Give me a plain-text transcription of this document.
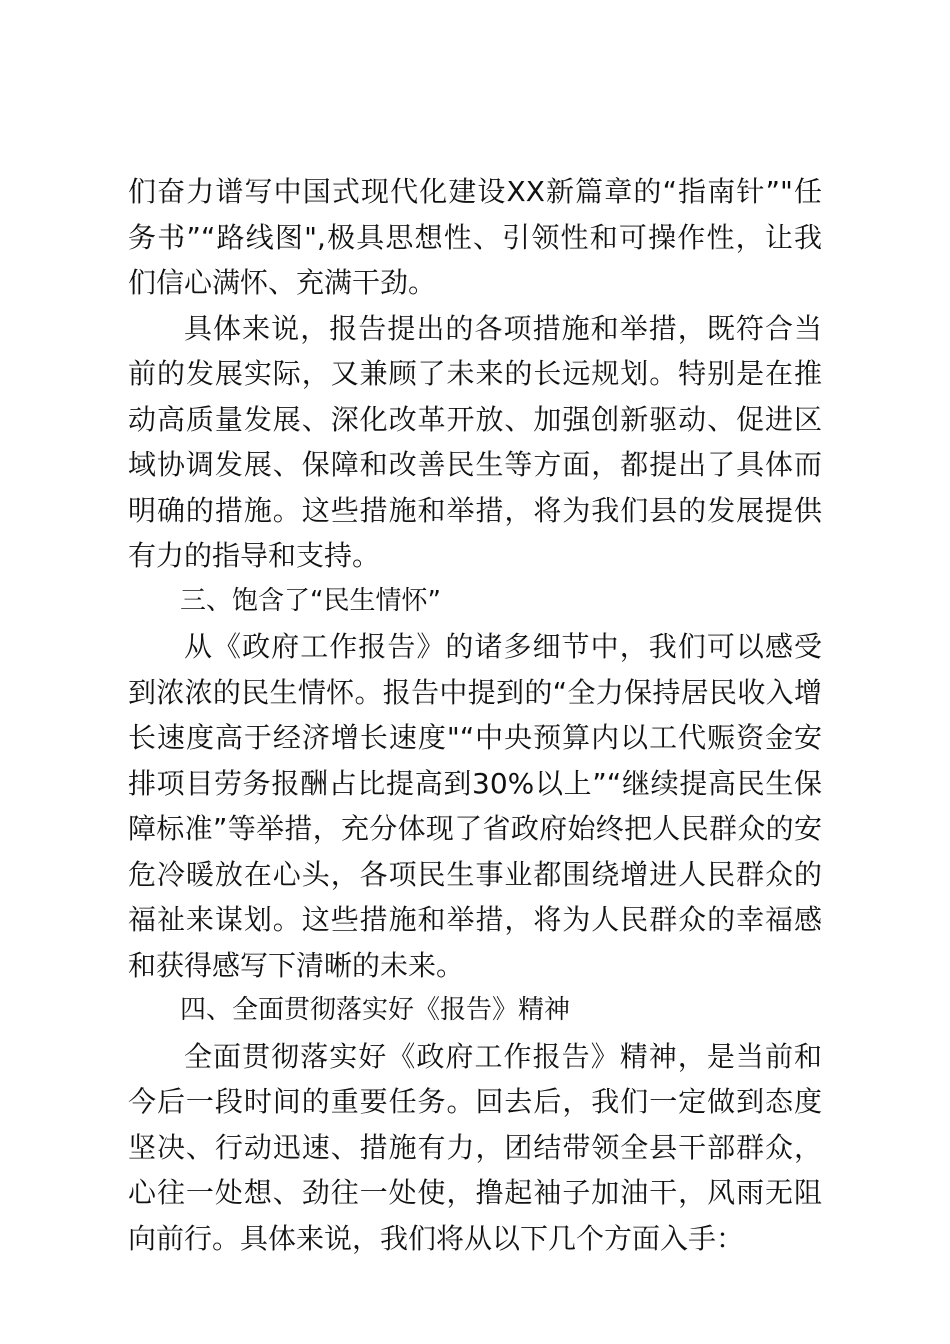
们奋力谱写中国式现代化建设XX新篇章的“指南针”"任务书”“路线图",极具思想性、引领性和可操作性，让我们信心满怀、充满干劲。

具体来说，报告提出的各项措施和举措，既符合当前的发展实际，又兼顾了未来的长远规划。特别是在推动高质量发展、深化改革开放、加强创新驱动、促进区域协调发展、保障和改善民生等方面，都提出了具体而明确的措施。这些措施和举措，将为我们县的发展提供有力的指导和支持。

三、饱含了“民生情怀”

从《政府工作报告》的诸多细节中，我们可以感受到浓浓的民生情怀。报告中提到的“全力保持居民收入增长速度高于经济增长速度"“中央预算内以工代赈资金安排项目劳务报酬占比提高到30%以上”“继续提高民生保障标准”等举措，充分体现了省政府始终把人民群众的安危冷暖放在心头，各项民生事业都围绕增进人民群众的福祉来谋划。这些措施和举措，将为人民群众的幸福感和获得感写下清晰的未来。

四、全面贯彻落实好《报告》精神

全面贯彻落实好《政府工作报告》精神，是当前和今后一段时间的重要任务。回去后，我们一定做到态度坚决、行动迅速、措施有力，团结带领全县干部群众，心往一处想、劲往一处使，撸起袖子加油干，风雨无阻向前行。具体来说，我们将从以下几个方面入手：
